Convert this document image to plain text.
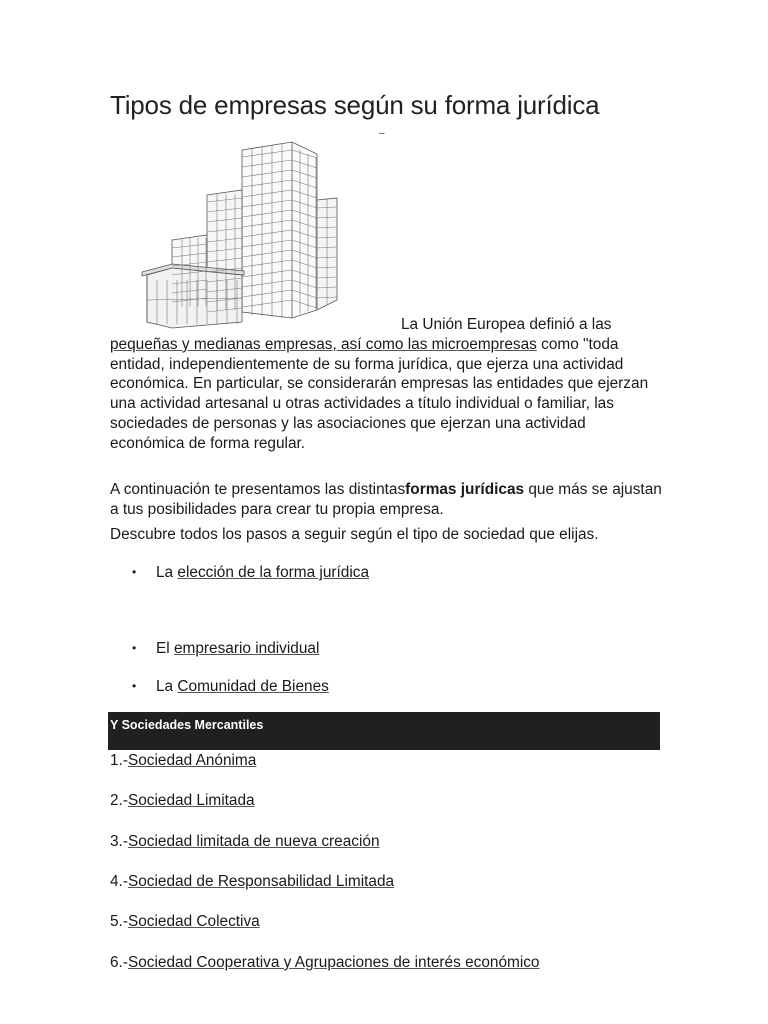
Tipos de empresas según su forma jurídica
–

La Unión Europea definió a las pequeñas y medianas empresas, así como las microempresas como "toda entidad, independientemente de su forma jurídica, que ejerza una actividad económica. En particular, se considerarán empresas las entidades que ejerzan una actividad artesanal u otras actividades a título individual o familiar, las sociedades de personas y las asociaciones que ejerzan una actividad económica de forma regular.

A continuación te presentamos las distintasformas jurídicas que más se ajustan a tus posibilidades para crear tu propia empresa.

Descubre todos los pasos a seguir según el tipo de sociedad que elijas.

• La elección de la forma jurídica
• El empresario individual
• La Comunidad de Bienes
Y Sociedades Mercantiles
1.-Sociedad Anónima
2.-Sociedad Limitada
3.-Sociedad limitada de nueva creación
4.-Sociedad de Responsabilidad Limitada
5.-Sociedad Colectiva
6.-Sociedad Cooperativa y Agrupaciones de interés económico
